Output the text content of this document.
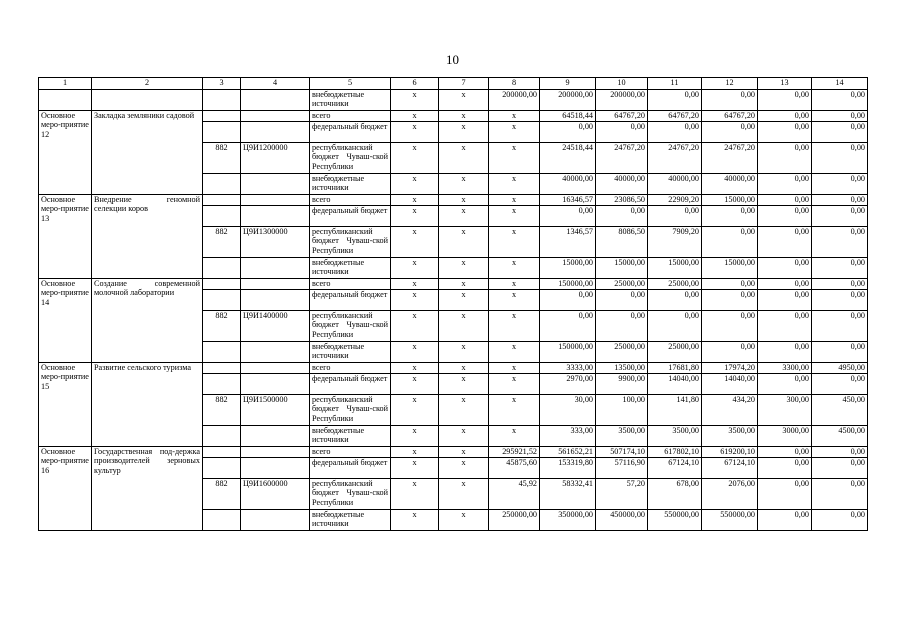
10
1	2	3	4	5	6	7	8	9	10	11	12	13	14
				внебюджетные источники	х	х	200000,00	200000,00	200000,00	0,00	0,00	0,00	0,00
Основное меро-приятие 12	Закладка земляники садовой			всего	х	х	х	64518,44	64767,20	64767,20	64767,20	0,00	0,00
				федеральный бюджет	х	х	х	0,00	0,00	0,00	0,00	0,00	0,00
		882	Ц9И1200000	республиканский бюджет Чуваш-ской Республики	х	х	х	24518,44	24767,20	24767,20	24767,20	0,00	0,00
				внебюджетные источники	х	х	х	40000,00	40000,00	40000,00	40000,00	0,00	0,00
Основное меро-приятие 13	Внедрение геномной селекции коров			всего	х	х	х	16346,57	23086,50	22909,20	15000,00	0,00	0,00
				федеральный бюджет	х	х	х	0,00	0,00	0,00	0,00	0,00	0,00
		882	Ц9И1300000	республиканский бюджет Чуваш-ской Республики	х	х	х	1346,57	8086,50	7909,20	0,00	0,00	0,00
				внебюджетные источники	х	х	х	15000,00	15000,00	15000,00	15000,00	0,00	0,00
Основное меро-приятие 14	Создание современной молочной лаборатории			всего	х	х	х	150000,00	25000,00	25000,00	0,00	0,00	0,00
				федеральный бюджет	х	х	х	0,00	0,00	0,00	0,00	0,00	0,00
		882	Ц9И1400000	республиканский бюджет Чуваш-ской Республики	х	х	х	0,00	0,00	0,00	0,00	0,00	0,00
				внебюджетные источники	х	х	х	150000,00	25000,00	25000,00	0,00	0,00	0,00
Основное меро-приятие 15	Развитие сельского туризма			всего	х	х	х	3333,00	13500,00	17681,80	17974,20	3300,00	4950,00
				федеральный бюджет	х	х	х	2970,00	9900,00	14040,00	14040,00	0,00	0,00
		882	Ц9И1500000	республиканский бюджет Чуваш-ской Республики	х	х	х	30,00	100,00	141,80	434,20	300,00	450,00
				внебюджетные источники	х	х	х	333,00	3500,00	3500,00	3500,00	3000,00	4500,00
Основное меро-приятие 16	Государственная под-держка производителей зерновых культур			всего	х	х	295921,52	561652,21	507174,10	617802,10	619200,10	0,00	0,00
				федеральный бюджет	х	х	45875,60	153319,80	57116,90	67124,10	67124,10	0,00	0,00
		882	Ц9И1600000	республиканский бюджет Чуваш-ской Республики	х	х	45,92	58332,41	57,20	678,00	2076,00	0,00	0,00
				внебюджетные источники	х	х	250000,00	350000,00	450000,00	550000,00	550000,00	0,00	0,00
